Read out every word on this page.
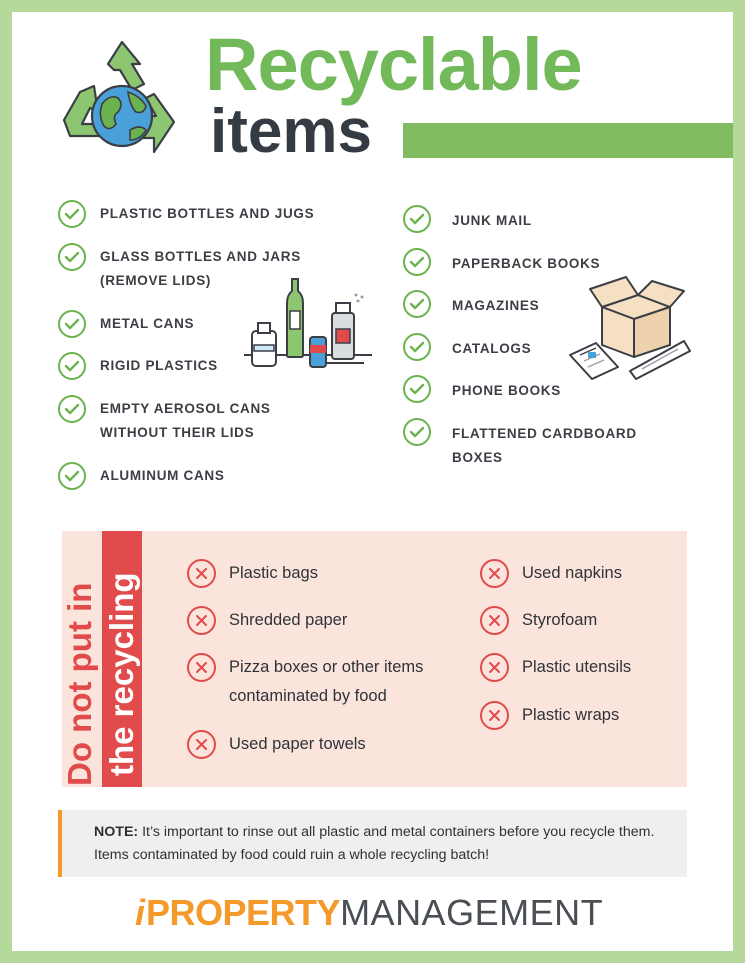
Recyclable
items
PLASTIC BOTTLES AND JUGS
GLASS BOTTLES AND JARS
(REMOVE LIDS)
METAL CANS
RIGID PLASTICS
EMPTY AEROSOL CANS
WITHOUT THEIR LIDS
ALUMINUM CANS
JUNK MAIL
PAPERBACK BOOKS
MAGAZINES
CATALOGS
PHONE BOOKS
FLATTENED CARDBOARD
BOXES
Do not put in the recycling	Plastic bags
Shredded paper
Pizza boxes or other items
contaminated by food
Used paper towels
Used napkins
Styrofoam
Plastic utensils
Plastic wraps
NOTE: It’s important to rinse out all plastic and metal containers before you recycle them. Items contaminated by food could ruin a whole recycling batch!
i PROPERTY MANAGEMENT
